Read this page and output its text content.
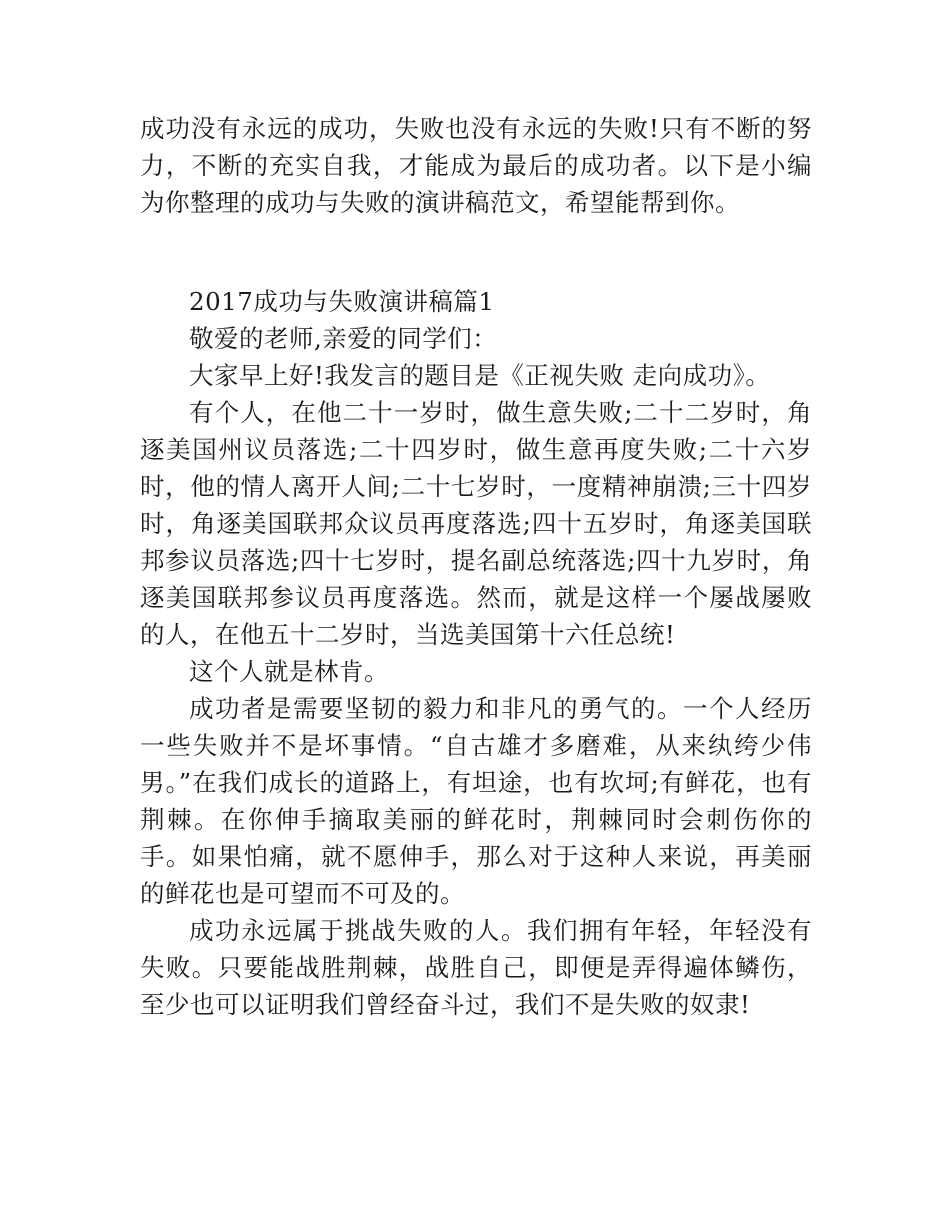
成功没有永远的成功，失败也没有永远的失败!只有不断的努力，不断的充实自我，才能成为最后的成功者。以下是小编为你整理的成功与失败的演讲稿范文，希望能帮到你。

2017成功与失败演讲稿篇1

敬爱的老师,亲爱的同学们：

大家早上好!我发言的题目是《正视失败 走向成功》。

有个人，在他二十一岁时，做生意失败;二十二岁时，角逐美国州议员落选;二十四岁时，做生意再度失败;二十六岁时，他的情人离开人间;二十七岁时，一度精神崩溃;三十四岁时，角逐美国联邦众议员再度落选;四十五岁时，角逐美国联邦参议员落选;四十七岁时，提名副总统落选;四十九岁时，角逐美国联邦参议员再度落选。然而，就是这样一个屡战屡败的人，在他五十二岁时，当选美国第十六任总统!

这个人就是林肯。

成功者是需要坚韧的毅力和非凡的勇气的。一个人经历一些失败并不是坏事情。“自古雄才多磨难，从来纨绔少伟男。”在我们成长的道路上，有坦途，也有坎坷;有鲜花，也有荆棘。在你伸手摘取美丽的鲜花时，荆棘同时会刺伤你的手。如果怕痛，就不愿伸手，那么对于这种人来说，再美丽的鲜花也是可望而不可及的。

成功永远属于挑战失败的人。我们拥有年轻，年轻没有失败。只要能战胜荆棘，战胜自己，即便是弄得遍体鳞伤，至少也可以证明我们曾经奋斗过，我们不是失败的奴隶!
